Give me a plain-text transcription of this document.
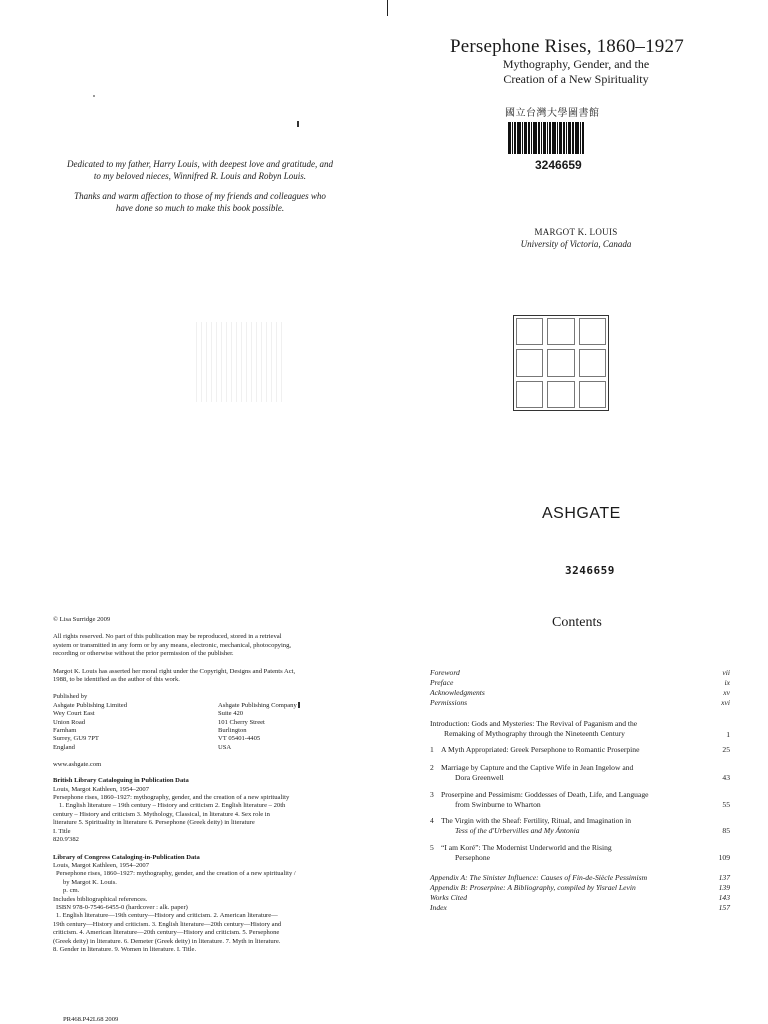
Persephone Rises, 1860–1927
Mythography, Gender, and the
Creation of a New Spirituality
國立台灣大學圖書館
3246659
MARGOT K. LOUIS
University of Victoria, Canada
ASHGATE
3246659
Dedicated to my father, Harry Louis, with deepest love and gratitude, and
to my beloved nieces, Winnifred R. Louis and Robyn Louis.
Thanks and warm affection to those of my friends and colleagues who
have done so much to make this book possible.

© Lisa Surridge 2009

All rights reserved. No part of this publication may be reproduced, stored in a retrieval

system or transmitted in any form or by any means, electronic, mechanical, photocopying,

recording or otherwise without the prior permission of the publisher.

Margot K. Louis has asserted her moral right under the Copyright, Designs and Patents Act,

1988, to be identified as the author of this work.

Published by

Ashgate Publishing Limited

Wey Court East

Union Road

Farnham

Surrey, GU9 7PT

England

Ashgate Publishing Company

Suite 420

101 Cherry Street

Burlington

VT 05401-4405

USA

www.ashgate.com

British Library Cataloguing in Publication Data

Louis, Margot Kathleen, 1954–2007

Persephone rises, 1860–1927: mythography, gender, and the creation of a new spirituality

1. English literature – 19th century – History and criticism 2. English literature – 20th

century – History and criticism 3. Mythology, Classical, in literature 4. Sex role in

literature 5. Spirituality in literature 6. Persephone (Greek deity) in literature

I. Title

820.9'382

Library of Congress Cataloging-in-Publication Data

Louis, Margot Kathleen, 1954–2007

Persephone rises, 1860–1927: mythography, gender, and the creation of a new spirituality /

by Margot K. Louis.

p. cm.

Includes bibliographical references.

ISBN 978-0-7546-6455-0 (hardcover : alk. paper)

1. English literature—19th century—History and criticism. 2. American literature—

19th century—History and criticism. 3. English literature—20th century—History and

criticism. 4. American literature—20th century—History and criticism. 5. Persephone

(Greek deity) in literature. 6. Demeter (Greek deity) in literature. 7. Myth in literature.

8. Gender in literature. 9. Women in literature. I. Title.

PR468.P42L68 2009
Contents
Foreword	vii
Preface	ix
Acknowledgments	xv
Permissions	xvi
Introduction: Gods and Mysteries: The Revival of Paganism and the
Remaking of Mythography through the Nineteenth Century	1
1 A Myth Appropriated: Greek Persephone to Romantic Proserpine	25
2 Marriage by Capture and the Captive Wife in Jean Ingelow and
Dora Greenwell	43
3 Proserpine and Pessimism: Goddesses of Death, Life, and Language
from Swinburne to Wharton	55
4 The Virgin with the Sheaf: Fertility, Ritual, and Imagination in
Tess of the d'Urbervilles and My Ántonia	85
5 “I am Koré”: The Modernist Underworld and the Rising
Persephone	109
Appendix A: The Sinister Influence: Causes of Fin-de-Siècle Pessimism	137
Appendix B: Proserpine: A Bibliography, compiled by Yisrael Levin	139
Works Cited	143
Index	157
